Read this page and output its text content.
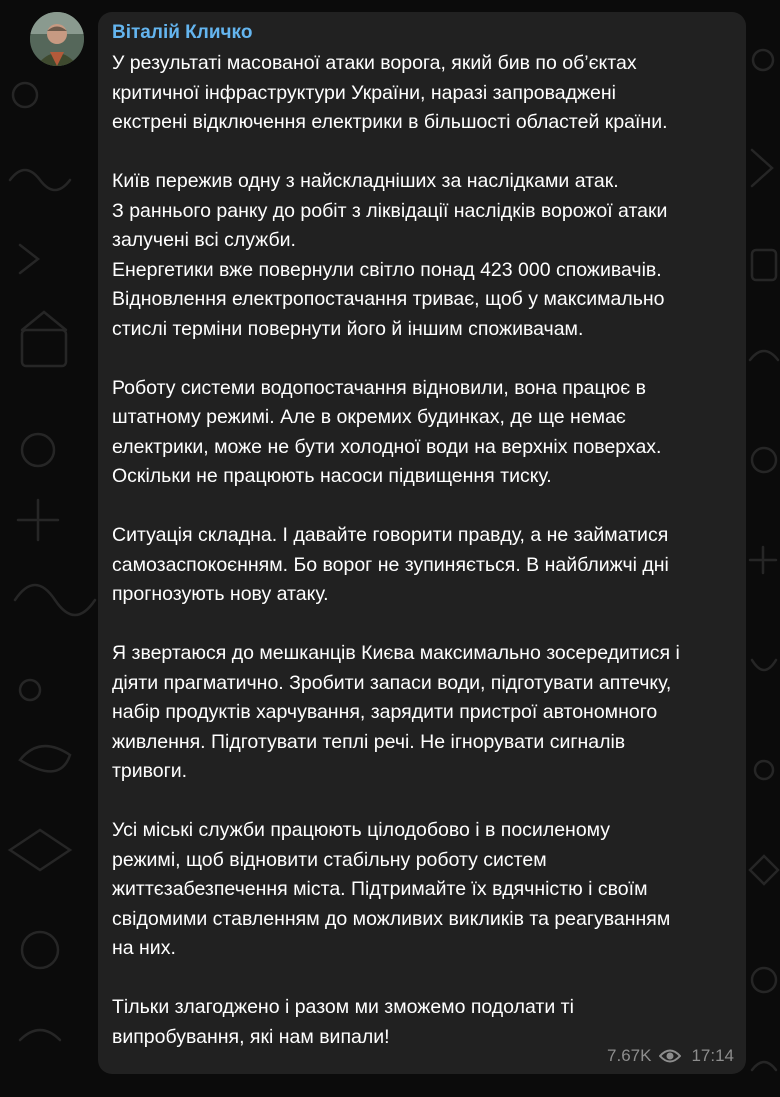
Віталій Кличко
У результаті масованої атаки ворога, який бив по об’єктах
критичної інфраструктури України, наразі запроваджені
екстрені відключення електрики в більшості областей країни.
Київ пережив одну з найскладніших за наслідками атак.
З раннього ранку до робіт з ліквідації наслідків ворожої атаки
залучені всі служби.
Енергетики вже повернули світло понад 423 000 споживачів.
Відновлення електропостачання триває, щоб у максимально
стислі терміни повернути його й іншим споживачам.
Роботу системи водопостачання відновили, вона працює в
штатному режимі. Але в окремих будинках, де ще немає
електрики, може не бути холодної води на верхніх поверхах.
Оскільки не працюють насоси підвищення тиску.
Ситуація складна. І давайте говорити правду, а не займатися
самозаспокоєнням. Бо ворог не зупиняється. В найближчі дні
прогнозують нову атаку.
Я звертаюся до мешканців Києва максимально зосередитися і
діяти прагматично. Зробити запаси води, підготувати аптечку,
набір продуктів харчування, зарядити пристрої автономного
живлення. Підготувати теплі речі. Не ігнорувати сигналів
тривоги.
Усі міські служби працюють цілодобово і в посиленому
режимі, щоб відновити стабільну роботу систем
життєзабезпечення міста. Підтримайте їх вдячністю і своїм
свідомими ставленням до можливих викликів та реагуванням
на них.
Тільки злагоджено і разом ми зможемо подолати ті
випробування, які нам випали!
7.67K 17:14
